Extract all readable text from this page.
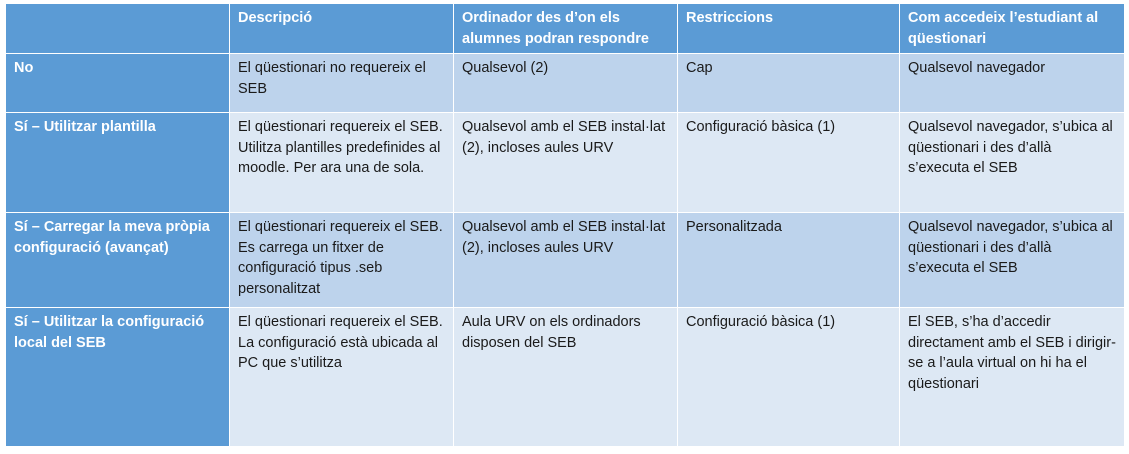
	Descripció	Ordinador des d’on els alumnes podran respondre	Restriccions	Com accedeix l’estudiant al qüestionari
No	El qüestionari no requereix el SEB	Qualsevol (2)	Cap	Qualsevol navegador
Sí – Utilitzar plantilla	El qüestionari requereix el SEB. Utilitza plantilles predefinides al moodle. Per ara una de sola.	Qualsevol amb el SEB instal·lat (2), incloses aules URV	Configuració bàsica (1)	Qualsevol navegador, s’ubica al qüestionari i des d’allà s’executa el SEB
Sí – Carregar la meva pròpia configuració (avançat)	El qüestionari requereix el SEB. Es carrega un fitxer de configuració tipus .seb personalitzat	Qualsevol amb el SEB instal·lat (2), incloses aules URV	Personalitzada	Qualsevol navegador, s’ubica al qüestionari i des d’allà s’executa el SEB
Sí – Utilitzar la configuració local del SEB	El qüestionari requereix el SEB. La configuració està ubicada al PC que s’utilitza	Aula URV on els ordinadors disposen del SEB	Configuració bàsica (1)	El SEB, s’ha d’accedir directament amb el SEB i dirigir-se a l’aula virtual on hi ha el qüestionari
